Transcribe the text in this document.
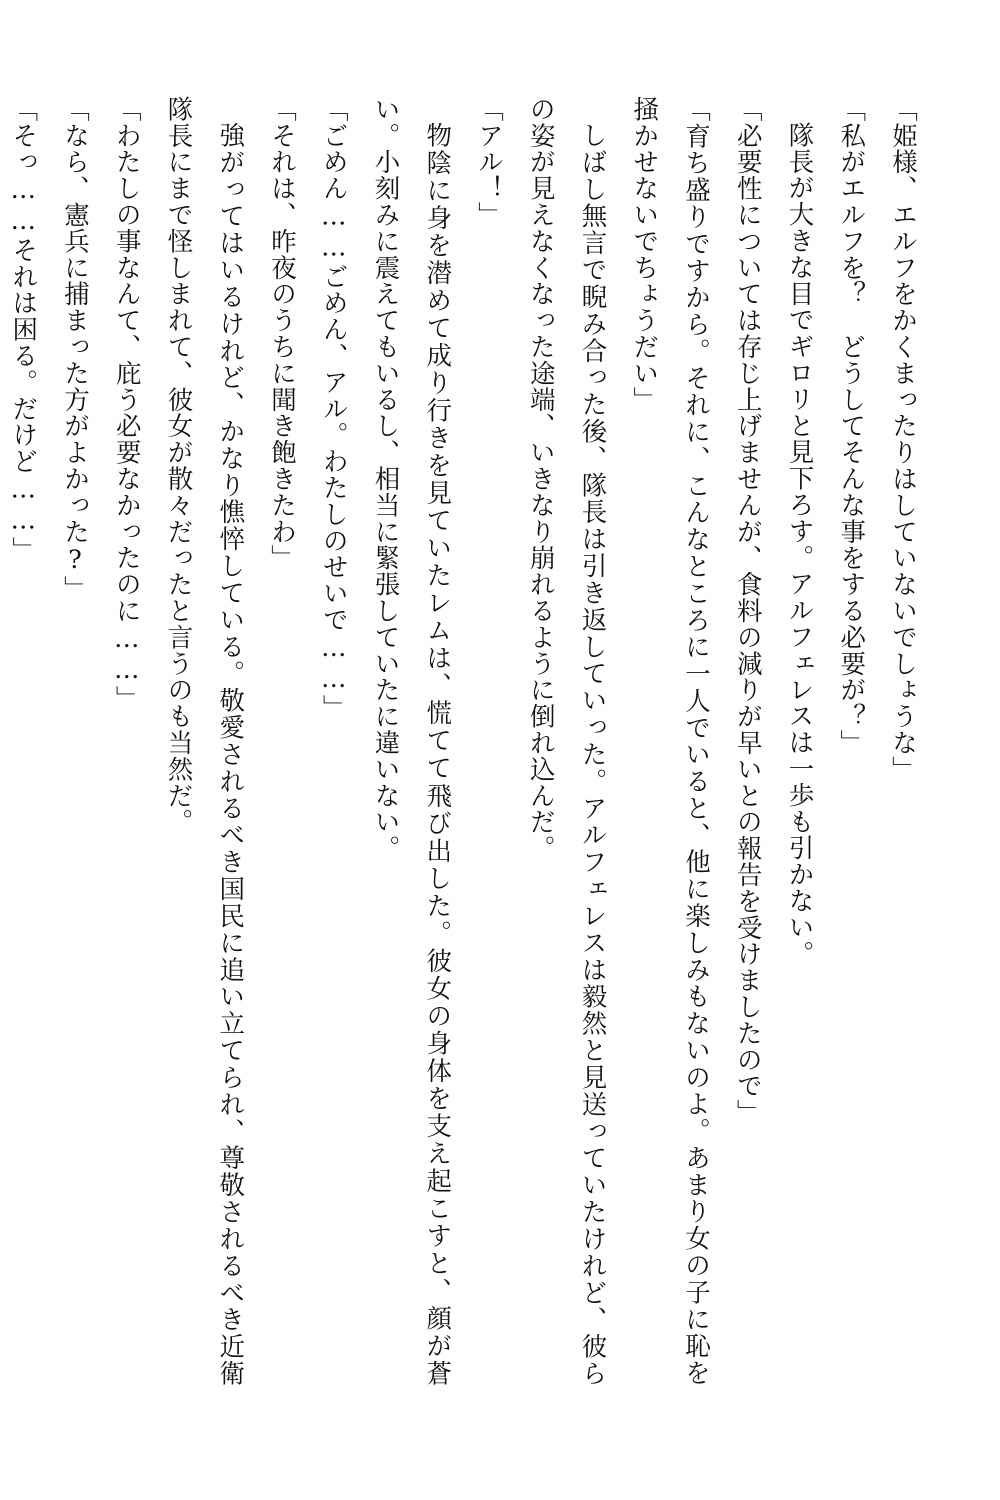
「姫様、エルフをかくまったりはしていないでしょうな」

「私がエルフを？　どうしてそんな事をする必要が？」

隊長が大きな目でギロリと見下ろす。アルフェレスは一歩も引かない。

「必要性については存じ上げませんが、食料の減りが早いとの報告を受けましたので」

「育ち盛りですから。それに、こんなところに一人でいると、他に楽しみもないのよ。あまり女の子に恥を掻かせないでちょうだい」

しばし無言で睨み合った後、隊長は引き返していった。アルフェレスは毅然と見送っていたけれど、彼らの姿が見えなくなった途端、いきなり崩れるように倒れ込んだ。

「アル！」

物陰に身を潜めて成り行きを見ていたレムは、慌てて飛び出した。彼女の身体を支え起こすと、顔が蒼い。小刻みに震えてもいるし、相当に緊張していたに違いない。

「ごめん……ごめん、アル。わたしのせいで……」

「それは、昨夜のうちに聞き飽きたわ」

強がってはいるけれど、かなり憔悴している。敬愛されるべき国民に追い立てられ、尊敬されるべき近衛隊長にまで怪しまれて、彼女が散々だったと言うのも当然だ。

「わたしの事なんて、庇う必要なかったのに……」

「なら、憲兵に捕まった方がよかった?」

「そっ……それは困る。だけど……」
